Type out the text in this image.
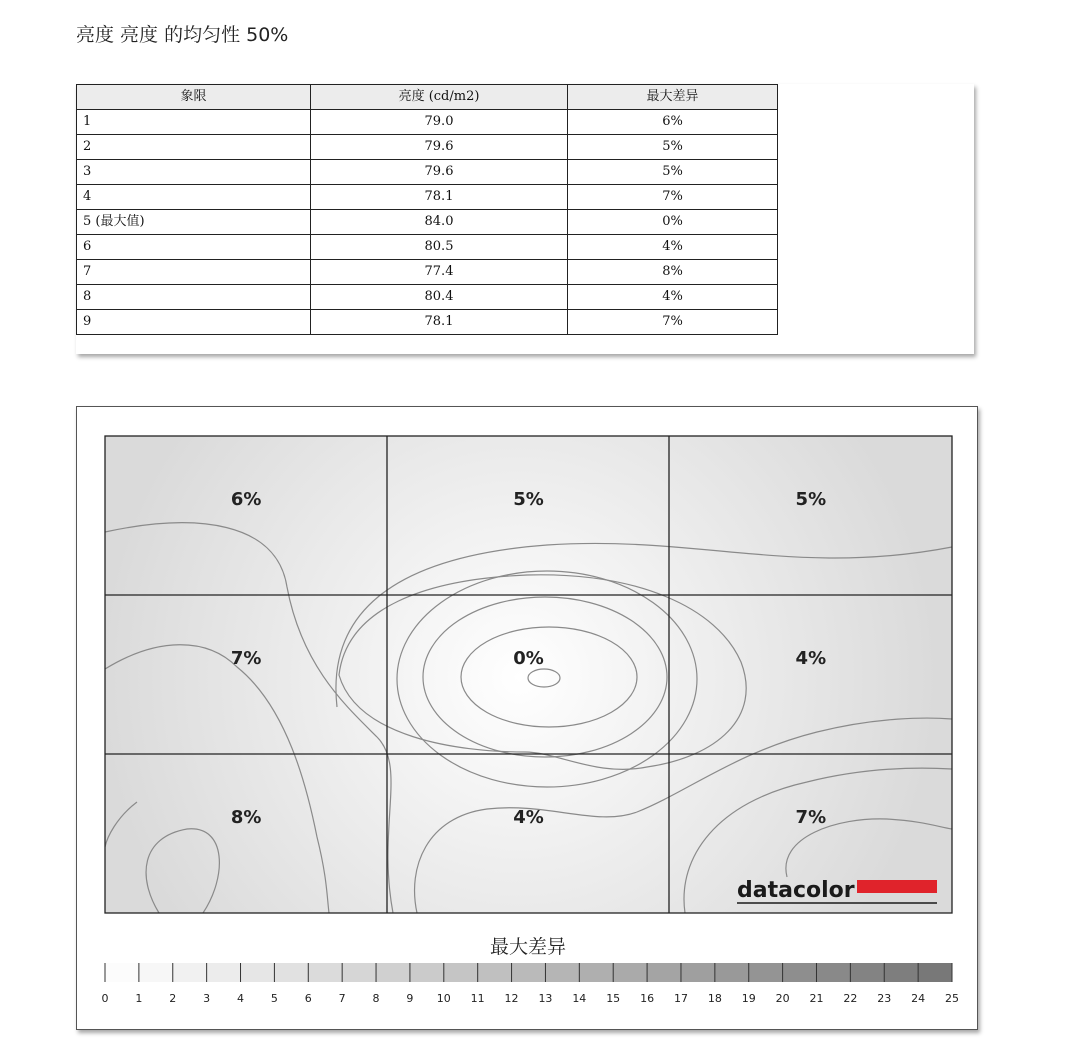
亮度 亮度 的均匀性 50%
象限	亮度 (cd/m2)	最大差异
1	79.0	6%
2	79.6	5%
3	79.6	5%
4	78.1	7%
5 (最大值)	84.0	0%
6	80.5	4%
7	77.4	8%
8	80.4	4%
9	78.1	7%
6%	5%	5%
7%	0%	4%
8%	4%	7%
datacolor
最大差异
0 1 2 3 4 5 6 7 8 9 10 11 12 13 14 15 16 17 18 19 20 21 22 23 24 25
